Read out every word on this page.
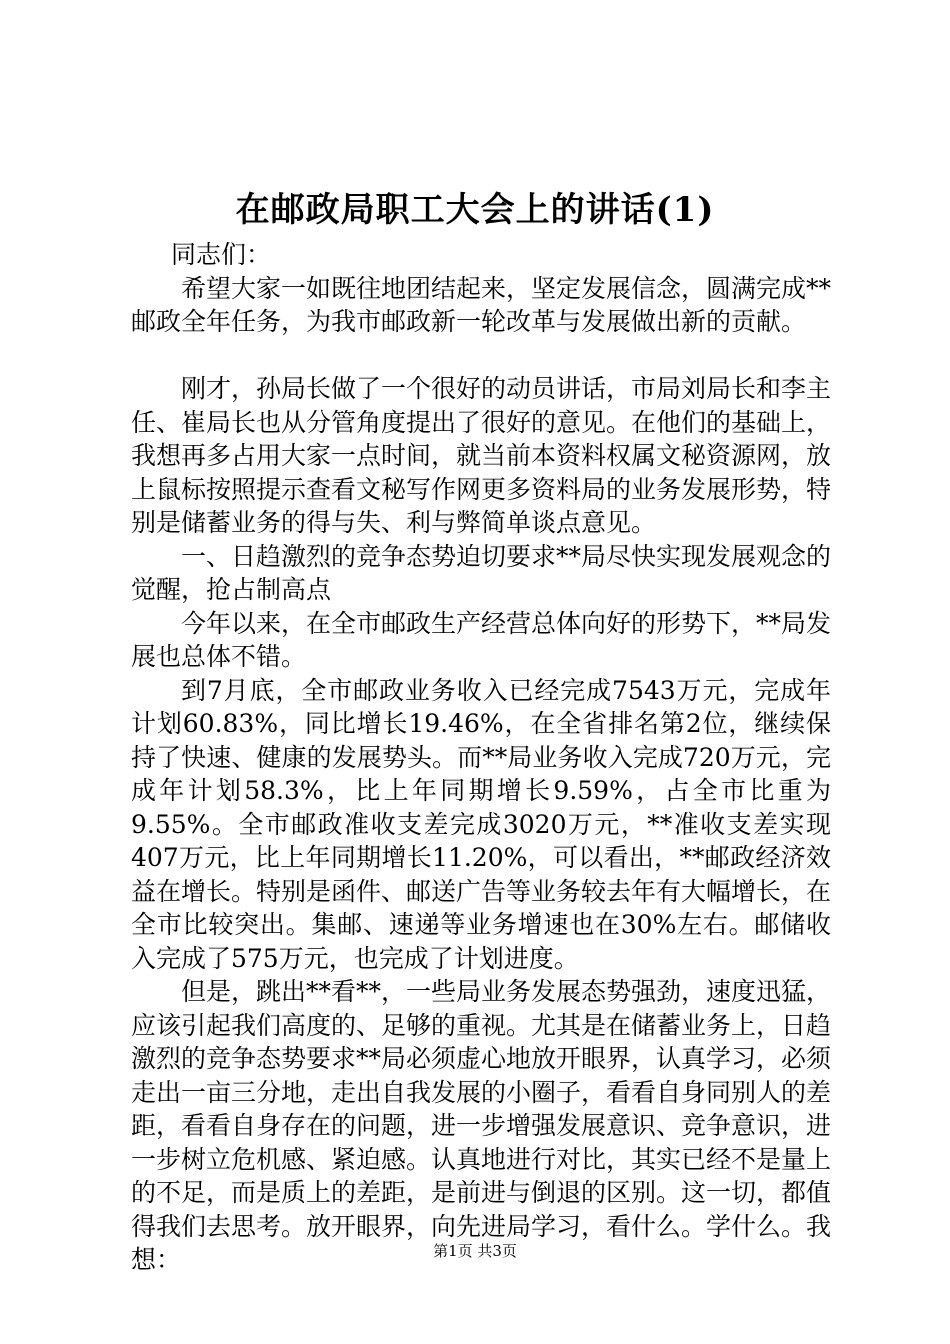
在邮政局职工大会上的讲话(1)

同志们：

希望大家一如既往地团结起来，坚定发展信念，圆满完成**邮政全年任务，为我市邮政新一轮改革与发展做出新的贡献。

刚才，孙局长做了一个很好的动员讲话，市局刘局长和李主任、崔局长也从分管角度提出了很好的意见。在他们的基础上，我想再多占用大家一点时间，就当前本资料权属文秘资源网，放上鼠标按照提示查看文秘写作网更多资料局的业务发展形势，特别是储蓄业务的得与失、利与弊简单谈点意见。

一、日趋激烈的竞争态势迫切要求**局尽快实现发展观念的觉醒，抢占制高点

今年以来，在全市邮政生产经营总体向好的形势下，**局发展也总体不错。

到7月底，全市邮政业务收入已经完成7543万元，完成年计划60.83%，同比增长19.46%，在全省排名第2位，继续保持了快速、健康的发展势头。而**局业务收入完成720万元，完成年计划58.3%，比上年同期增长9.59%，占全市比重为9.55%。全市邮政准收支差完成3020万元，**准收支差实现407万元，比上年同期增长11.20%，可以看出，**邮政经济效益在增长。特别是函件、邮送广告等业务较去年有大幅增长，在全市比较突出。集邮、速递等业务增速也在30%左右。邮储收入完成了575万元，也完成了计划进度。

但是，跳出**看**，一些局业务发展态势强劲，速度迅猛，应该引起我们高度的、足够的重视。尤其是在储蓄业务上，日趋激烈的竞争态势要求**局必须虚心地放开眼界，认真学习，必须走出一亩三分地，走出自我发展的小圈子，看看自身同别人的差距，看看自身存在的问题，进一步增强发展意识、竞争意识，进一步树立危机感、紧迫感。认真地进行对比，其实已经不是量上的不足，而是质上的差距，是前进与倒退的区别。这一切，都值得我们去思考。放开眼界，向先进局学习，看什么。学什么。我想：	第1页 共3页
